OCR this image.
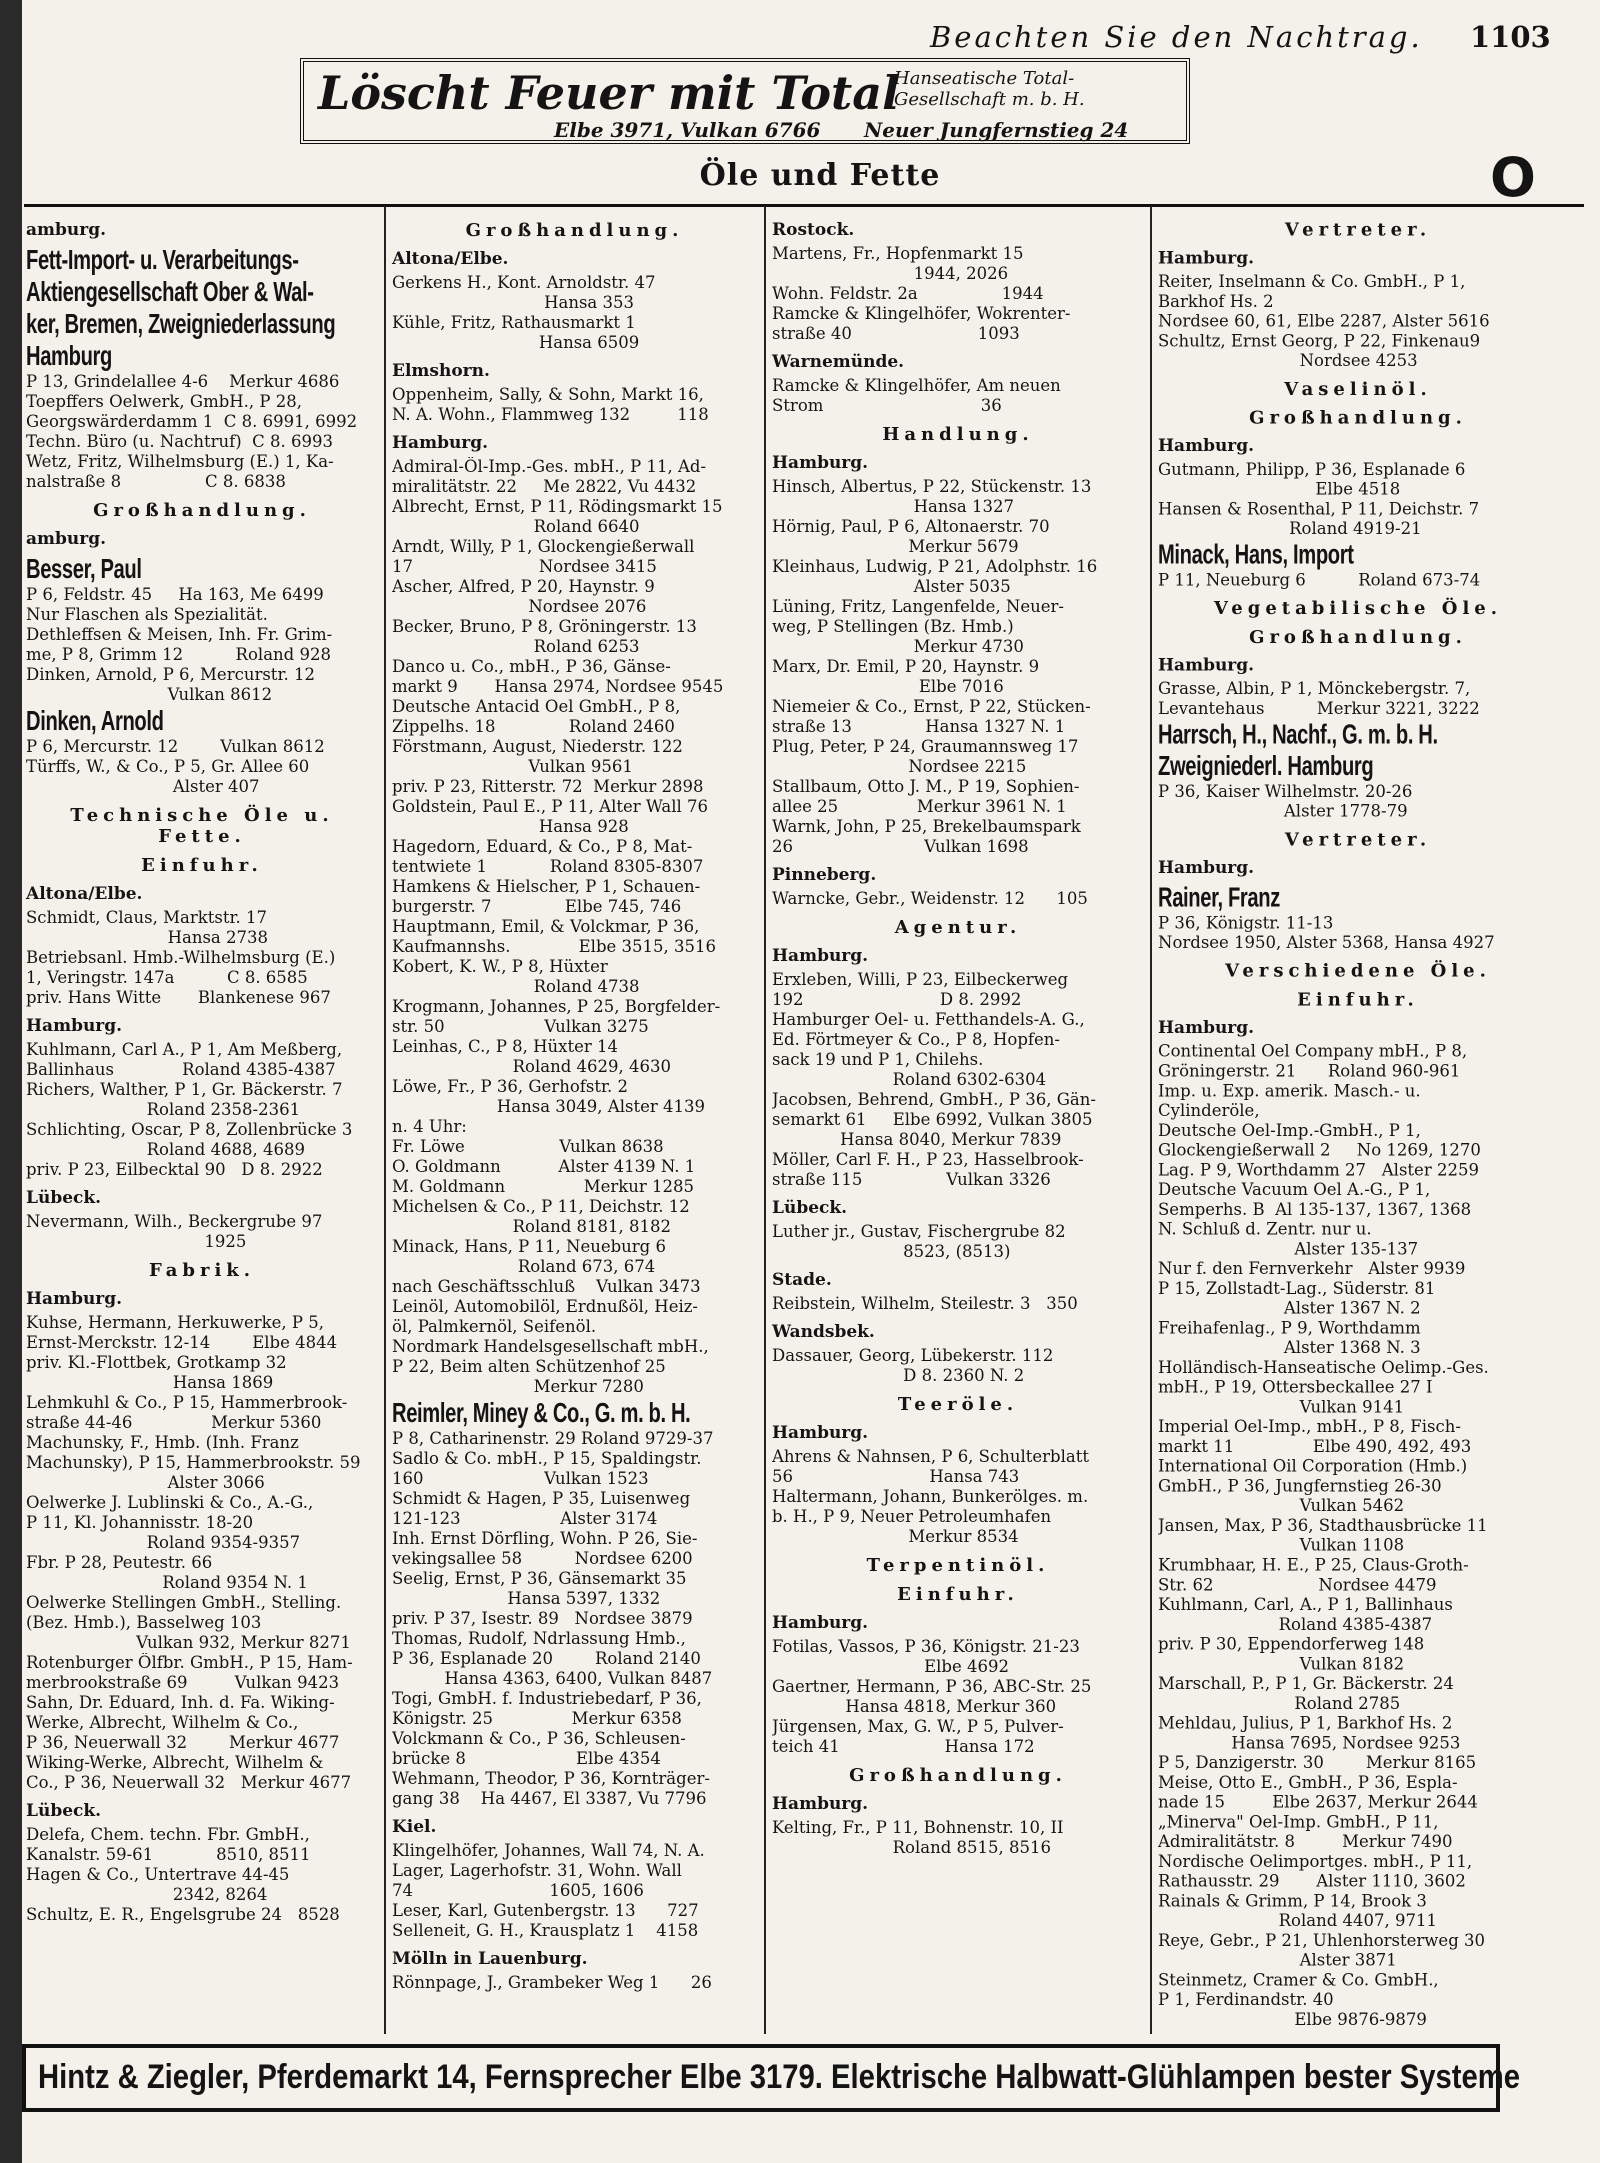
Beachten Sie den Nachtrag. 1103
Löscht Feuer mit Total
Hanseatische Total-Gesellschaft m. b. H.
Elbe 3971, Vulkan 6766 Neuer Jungfernstieg 24
Öle und Fette	O
amburg.
Fett-Import- u. Verarbeitungs-
Aktiengesellschaft Ober & Wal-
ker, Bremen, Zweigniederlassung
Hamburg
P 13, Grindelallee 4-6    Merkur 4686
Toepffers Oelwerk, GmbH., P 28,
Georgswärderdamm 1  C 8. 6991, 6992
Techn. Büro (u. Nachtruf)  C 8. 6993
Wetz, Fritz, Wilhelmsburg (E.) 1, Ka-
nalstraße 8                C 8. 6838
Großhandlung.
amburg.
Besser, Paul
P 6, Feldstr. 45     Ha 163, Me 6499
Nur Flaschen als Spezialität.
Dethleffsen & Meisen, Inh. Fr. Grim-
me, P 8, Grimm 12          Roland 928
Dinken, Arnold, P 6, Mercurstr. 12
Vulkan 8612
Dinken, Arnold
P 6, Mercurstr. 12        Vulkan 8612
Türffs, W., & Co., P 5, Gr. Allee 60
Alster 407
Technische Öle u. Fette.
Einfuhr.
Altona/Elbe.
Schmidt, Claus, Marktstr. 17
Hansa 2738
Betriebsanl. Hmb.-Wilhelmsburg (E.)
1, Veringstr. 147a          C 8. 6585
priv. Hans Witte       Blankenese 967
Hamburg.
Kuhlmann, Carl A., P 1, Am Meßberg,
Ballinhaus             Roland 4385-4387
Richers, Walther, P 1, Gr. Bäckerstr. 7
Roland 2358-2361
Schlichting, Oscar, P 8, Zollenbrücke 3
Roland 4688, 4689
priv. P 23, Eilbecktal 90   D 8. 2922
Lübeck.
Nevermann, Wilh., Beckergrube 97
1925
Fabrik.
Hamburg.
Kuhse, Hermann, Herkuwerke, P 5,
Ernst-Merckstr. 12-14        Elbe 4844
priv. Kl.-Flottbek, Grotkamp 32
Hansa 1869
Lehmkuhl & Co., P 15, Hammerbrook-
straße 44-46               Merkur 5360
Machunsky, F., Hmb. (Inh. Franz
Machunsky), P 15, Hammerbrookstr. 59
Alster 3066
Oelwerke J. Lublinski & Co., A.-G.,
P 11, Kl. Johannisstr. 18-20
Roland 9354-9357
Fbr. P 28, Peutestr. 66
Roland 9354 N. 1
Oelwerke Stellingen GmbH., Stelling.
(Bez. Hmb.), Basselweg 103
Vulkan 932, Merkur 8271
Rotenburger Ölfbr. GmbH., P 15, Ham-
merbrookstraße 69         Vulkan 9423
Sahn, Dr. Eduard, Inh. d. Fa. Wiking-
Werke, Albrecht, Wilhelm & Co.,
P 36, Neuerwall 32        Merkur 4677
Wiking-Werke, Albrecht, Wilhelm &
Co., P 36, Neuerwall 32   Merkur 4677
Lübeck.
Delefa, Chem. techn. Fbr. GmbH.,
Kanalstr. 59-61            8510, 8511
Hagen & Co., Untertrave 44-45
2342, 8264
Schultz, E. R., Engelsgrube 24   8528
Großhandlung.
Altona/Elbe.
Gerkens H., Kont. Arnoldstr. 47
Hansa 353
Kühle, Fritz, Rathausmarkt 1
Hansa 6509
Elmshorn.
Oppenheim, Sally, & Sohn, Markt 16,
N. A. Wohn., Flammweg 132         118
Hamburg.
Admiral-Öl-Imp.-Ges. mbH., P 11, Ad-
miralitätstr. 22     Me 2822, Vu 4432
Albrecht, Ernst, P 11, Rödingsmarkt 15
Roland 6640
Arndt, Willy, P 1, Glockengießerwall
17                        Nordsee 3415
Ascher, Alfred, P 20, Haynstr. 9
Nordsee 2076
Becker, Bruno, P 8, Gröningerstr. 13
Roland 6253
Danco u. Co., mbH., P 36, Gänse-
markt 9       Hansa 2974, Nordsee 9545
Deutsche Antacid Oel GmbH., P 8,
Zippelhs. 18              Roland 2460
Förstmann, August, Niederstr. 122
Vulkan 9561
priv. P 23, Ritterstr. 72  Merkur 2898
Goldstein, Paul E., P 11, Alter Wall 76
Hansa 928
Hagedorn, Eduard, & Co., P 8, Mat-
tentwiete 1            Roland 8305-8307
Hamkens & Hielscher, P 1, Schauen-
burgerstr. 7              Elbe 745, 746
Hauptmann, Emil, & Volckmar, P 36,
Kaufmannshs.             Elbe 3515, 3516
Kobert, K. W., P 8, Hüxter
Roland 4738
Krogmann, Johannes, P 25, Borgfelder-
str. 50                   Vulkan 3275
Leinhas, C., P 8, Hüxter 14
Roland 4629, 4630
Löwe, Fr., P 36, Gerhofstr. 2
Hansa 3049, Alster 4139
n. 4 Uhr:
Fr. Löwe                  Vulkan 8638
O. Goldmann           Alster 4139 N. 1
M. Goldmann               Merkur 1285
Michelsen & Co., P 11, Deichstr. 12
Roland 8181, 8182
Minack, Hans, P 11, Neueburg 6
Roland 673, 674
nach Geschäftsschluß    Vulkan 3473
Leinöl, Automobilöl, Erdnußöl, Heiz-
öl, Palmkernöl, Seifenöl.
Nordmark Handelsgesellschaft mbH.,
P 22, Beim alten Schützenhof 25
Merkur 7280
Reimler, Miney & Co., G. m. b. H.
P 8, Catharinenstr. 29 Roland 9729-37
Sadlo & Co. mbH., P 15, Spaldingstr.
160                       Vulkan 1523
Schmidt & Hagen, P 35, Luisenweg
121-123                   Alster 3174
Inh. Ernst Dörfling, Wohn. P 26, Sie-
vekingsallee 58          Nordsee 6200
Seelig, Ernst, P 36, Gänsemarkt 35
Hansa 5397, 1332
priv. P 37, Isestr. 89   Nordsee 3879
Thomas, Rudolf, Ndrlassung Hmb.,
P 36, Esplanade 20        Roland 2140
Hansa 4363, 6400, Vulkan 8487
Togi, GmbH. f. Industriebedarf, P 36,
Königstr. 25               Merkur 6358
Volckmann & Co., P 36, Schleusen-
brücke 8                     Elbe 4354
Wehmann, Theodor, P 36, Kornträger-
gang 38    Ha 4467, El 3387, Vu 7796
Kiel.
Klingelhöfer, Johannes, Wall 74, N. A.
Lager, Lagerhofstr. 31, Wohn. Wall
74                          1605, 1606
Leser, Karl, Gutenbergstr. 13      727
Selleneit, G. H., Krausplatz 1    4158
Mölln in Lauenburg.
Rönnpage, J., Grambeker Weg 1      26
Rostock.
Martens, Fr., Hopfenmarkt 15
1944, 2026
Wohn. Feldstr. 2a                1944
Ramcke & Klingelhöfer, Wokrenter-
straße 40                        1093
Warnemünde.
Ramcke & Klingelhöfer, Am neuen
Strom                              36
Handlung.
Hamburg.
Hinsch, Albertus, P 22, Stückenstr. 13
Hansa 1327
Hörnig, Paul, P 6, Altonaerstr. 70
Merkur 5679
Kleinhaus, Ludwig, P 21, Adolphstr. 16
Alster 5035
Lüning, Fritz, Langenfelde, Neuer-
weg, P Stellingen (Bz. Hmb.)
Merkur 4730
Marx, Dr. Emil, P 20, Haynstr. 9
Elbe 7016
Niemeier & Co., Ernst, P 22, Stücken-
straße 13              Hansa 1327 N. 1
Plug, Peter, P 24, Graumannsweg 17
Nordsee 2215
Stallbaum, Otto J. M., P 19, Sophien-
allee 25               Merkur 3961 N. 1
Warnk, John, P 25, Brekelbaumspark
26                         Vulkan 1698
Pinneberg.
Warncke, Gebr., Weidenstr. 12      105
Agentur.
Hamburg.
Erxleben, Willi, P 23, Eilbeckerweg
192                          D 8. 2992
Hamburger Oel- u. Fetthandels-A. G.,
Ed. Förtmeyer & Co., P 8, Hopfen-
sack 19 und P 1, Chilehs.
Roland 6302-6304
Jacobsen, Behrend, GmbH., P 36, Gän-
semarkt 61     Elbe 6992, Vulkan 3805
Hansa 8040, Merkur 7839
Möller, Carl F. H., P 23, Hasselbrook-
straße 115                Vulkan 3326
Lübeck.
Luther jr., Gustav, Fischergrube 82
8523, (8513)
Stade.
Reibstein, Wilhelm, Steilestr. 3   350
Wandsbek.
Dassauer, Georg, Lübekerstr. 112
D 8. 2360 N. 2
Teeröle.
Hamburg.
Ahrens & Nahnsen, P 6, Schulterblatt
56                          Hansa 743
Haltermann, Johann, Bunkerölges. m.
b. H., P 9, Neuer Petroleumhafen
Merkur 8534
Terpentinöl.
Einfuhr.
Hamburg.
Fotilas, Vassos, P 36, Königstr. 21-23
Elbe 4692
Gaertner, Hermann, P 36, ABC-Str. 25
Hansa 4818, Merkur 360
Jürgensen, Max, G. W., P 5, Pulver-
teich 41                    Hansa 172
Großhandlung.
Hamburg.
Kelting, Fr., P 11, Bohnenstr. 10, II
Roland 8515, 8516
Vertreter.
Hamburg.
Reiter, Inselmann & Co. GmbH., P 1,
Barkhof Hs. 2
Nordsee 60, 61, Elbe 2287, Alster 5616
Schultz, Ernst Georg, P 22, Finkenau9
Nordsee 4253
Vaselinöl.
Großhandlung.
Hamburg.
Gutmann, Philipp, P 36, Esplanade 6
Elbe 4518
Hansen & Rosenthal, P 11, Deichstr. 7
Roland 4919-21
Minack, Hans, Import
P 11, Neueburg 6          Roland 673-74
Vegetabilische Öle.
Großhandlung.
Hamburg.
Grasse, Albin, P 1, Mönckebergstr. 7,
Levantehaus          Merkur 3221, 3222
Harrsch, H., Nachf., G. m. b. H.
Zweigniederl. Hamburg
P 36, Kaiser Wilhelmstr. 20-26
Alster 1778-79
Vertreter.
Hamburg.
Rainer, Franz
P 36, Königstr. 11-13
Nordsee 1950, Alster 5368, Hansa 4927
Verschiedene Öle.
Einfuhr.
Hamburg.
Continental Oel Company mbH., P 8,
Gröningerstr. 21      Roland 960-961
Imp. u. Exp. amerik. Masch.- u.
Cylinderöle,
Deutsche Oel-Imp.-GmbH., P 1,
Glockengießerwall 2     No 1269, 1270
Lag. P 9, Worthdamm 27   Alster 2259
Deutsche Vacuum Oel A.-G., P 1,
Semperhs. B  Al 135-137, 1367, 1368
N. Schluß d. Zentr. nur u.
Alster 135-137
Nur f. den Fernverkehr   Alster 9939
P 15, Zollstadt-Lag., Süderstr. 81
Alster 1367 N. 2
Freihafenlag., P 9, Worthdamm
Alster 1368 N. 3
Holländisch-Hanseatische Oelimp.-Ges.
mbH., P 19, Ottersbeckallee 27 I
Vulkan 9141
Imperial Oel-Imp., mbH., P 8, Fisch-
markt 11               Elbe 490, 492, 493
International Oil Corporation (Hmb.)
GmbH., P 36, Jungfernstieg 26-30
Vulkan 5462
Jansen, Max, P 36, Stadthausbrücke 11
Vulkan 1108
Krumbhaar, H. E., P 25, Claus-Groth-
Str. 62                    Nordsee 4479
Kuhlmann, Carl, A., P 1, Ballinhaus
Roland 4385-4387
priv. P 30, Eppendorferweg 148
Vulkan 8182
Marschall, P., P 1, Gr. Bäckerstr. 24
Roland 2785
Mehldau, Julius, P 1, Barkhof Hs. 2
Hansa 7695, Nordsee 9253
P 5, Danzigerstr. 30        Merkur 8165
Meise, Otto E., GmbH., P 36, Espla-
nade 15         Elbe 2637, Merkur 2644
„Minerva" Oel-Imp. GmbH., P 11,
Admiralitätstr. 8         Merkur 7490
Nordische Oelimportges. mbH., P 11,
Rathausstr. 29       Alster 1110, 3602
Rainals & Grimm, P 14, Brook 3
Roland 4407, 9711
Reye, Gebr., P 21, Uhlenhorsterweg 30
Alster 3871
Steinmetz, Cramer & Co. GmbH.,
P 1, Ferdinandstr. 40
Elbe 9876-9879
Hintz & Ziegler, Pferdemarkt 14, Fernsprecher Elbe 3179. Elektrische Halbwatt-Glühlampen bester Systeme
